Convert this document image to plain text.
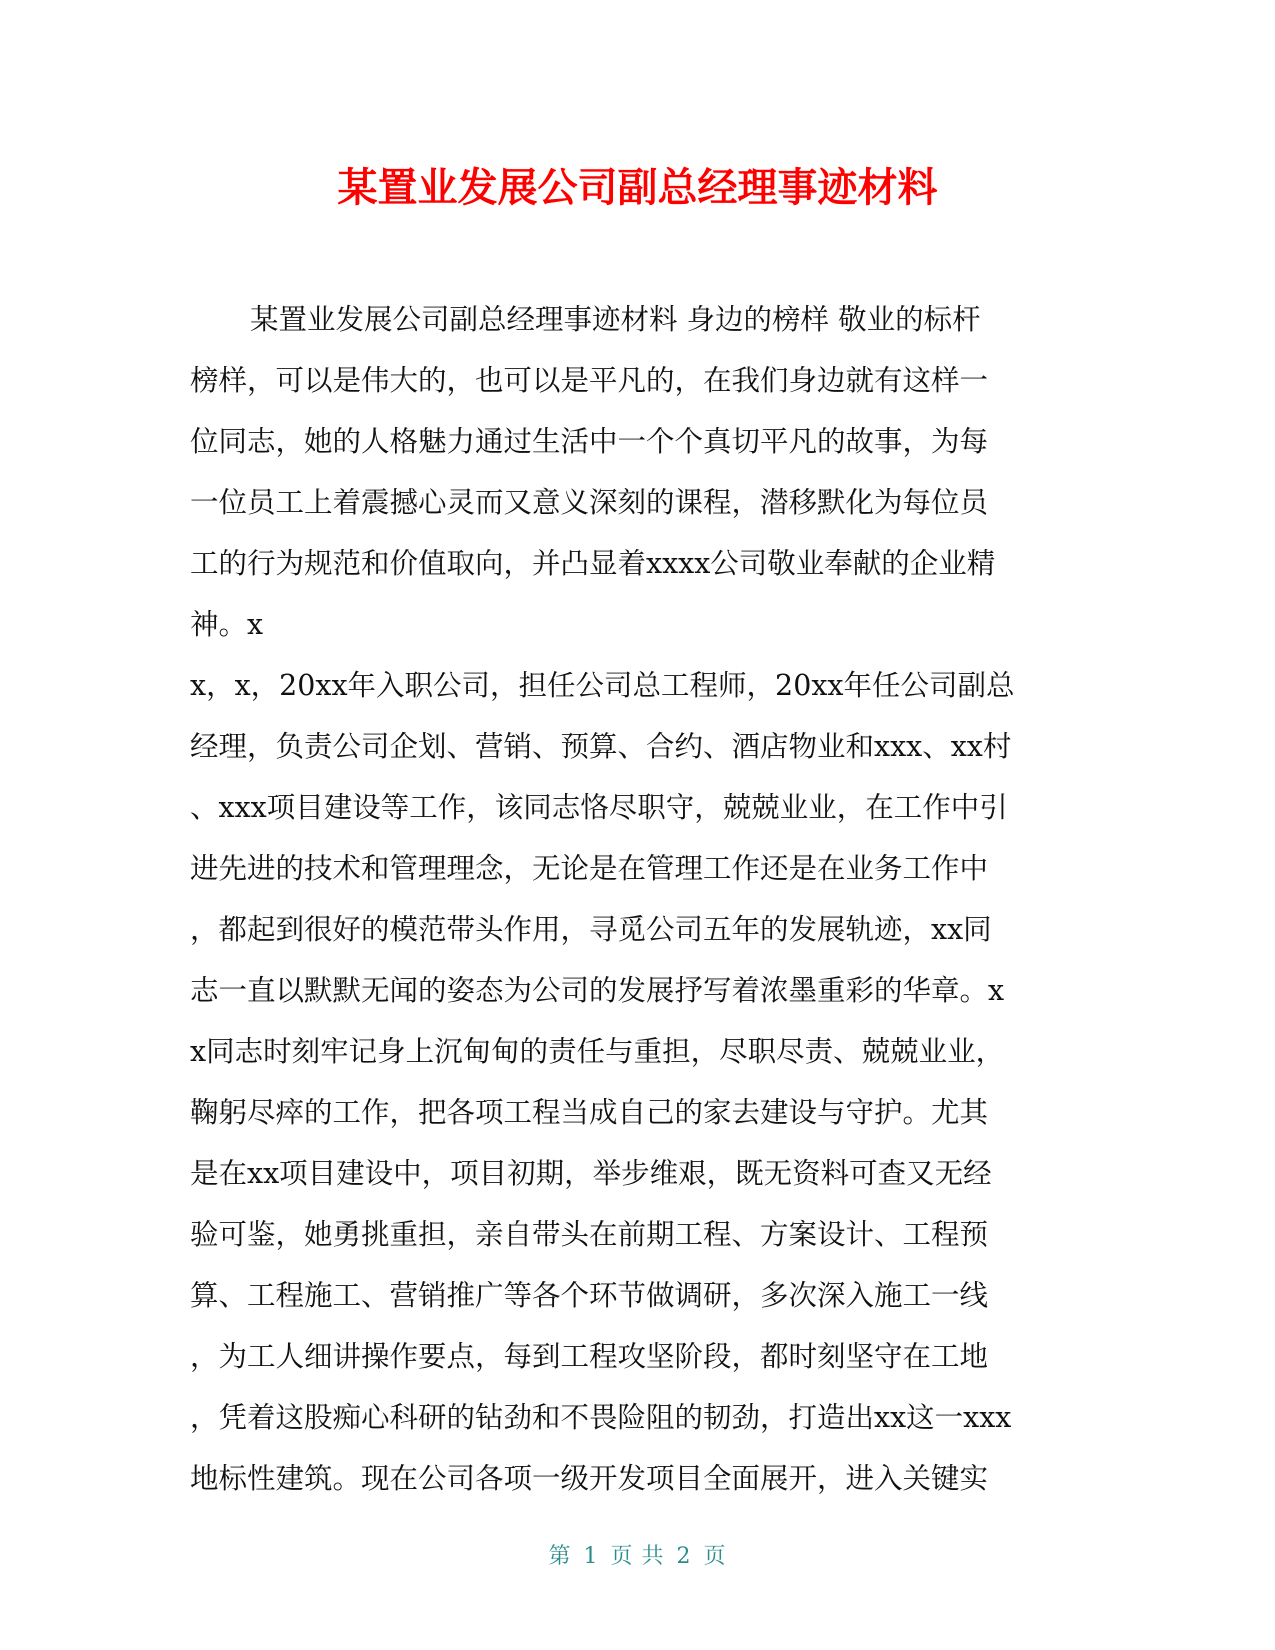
某置业发展公司副总经理事迹材料
某置业发展公司副总经理事迹材料 身边的榜样 敬业的标杆
榜样，可以是伟大的，也可以是平凡的，在我们身边就有这样一
位同志，她的人格魅力通过生活中一个个真切平凡的故事，为每
一位员工上着震撼心灵而又意义深刻的课程，潜移默化为每位员
工的行为规范和价值取向，并凸显着xxxx公司敬业奉献的企业精
神。x
x，x，20xx年入职公司，担任公司总工程师，20xx年任公司副总
经理，负责公司企划、营销、预算、合约、酒店物业和xxx、xx村
、xxx项目建设等工作，该同志恪尽职守，兢兢业业，在工作中引
进先进的技术和管理理念，无论是在管理工作还是在业务工作中
，都起到很好的模范带头作用，寻觅公司五年的发展轨迹，xx同
志一直以默默无闻的姿态为公司的发展抒写着浓墨重彩的华章。x
x同志时刻牢记身上沉甸甸的责任与重担，尽职尽责、兢兢业业，
鞠躬尽瘁的工作，把各项工程当成自己的家去建设与守护。尤其
是在xx项目建设中，项目初期，举步维艰，既无资料可查又无经
验可鉴，她勇挑重担，亲自带头在前期工程、方案设计、工程预
算、工程施工、营销推广等各个环节做调研，多次深入施工一线
，为工人细讲操作要点，每到工程攻坚阶段，都时刻坚守在工地
，凭着这股痴心科研的钻劲和不畏险阻的韧劲，打造出xx这一xxx
地标性建筑。现在公司各项一级开发项目全面展开，进入关键实
第 1 页 共 2 页
